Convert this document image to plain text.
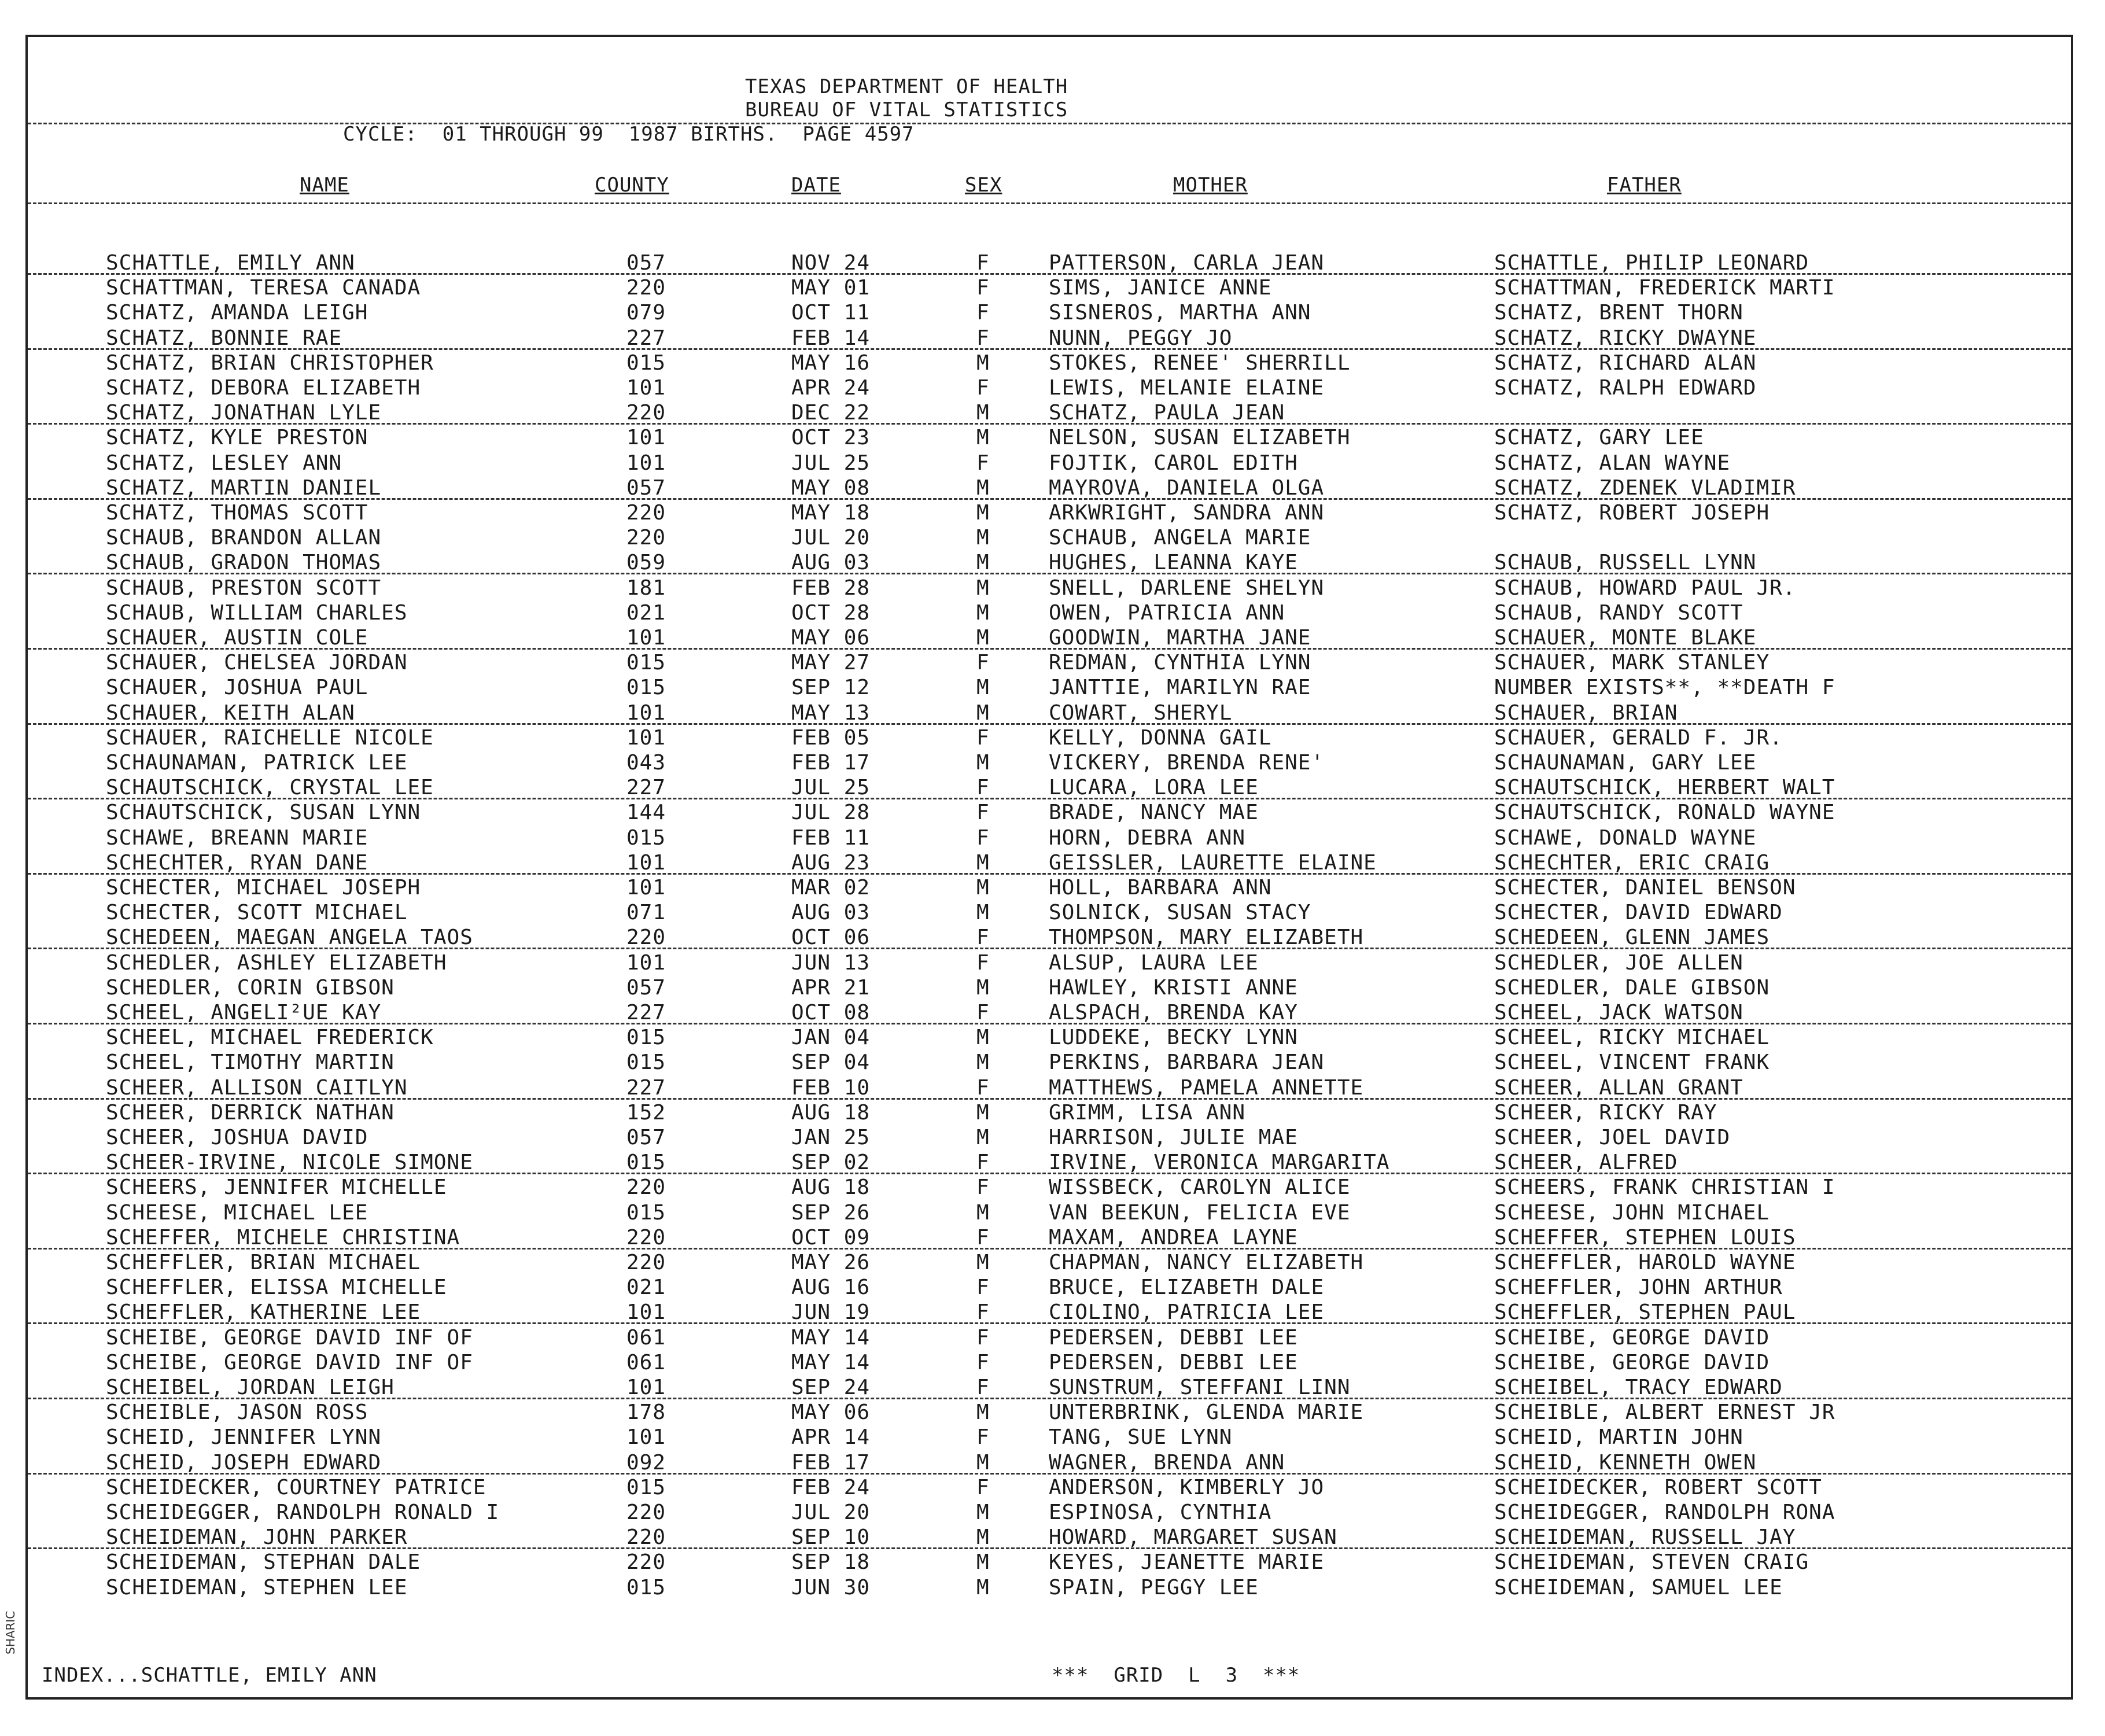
TEXAS DEPARTMENT OF HEALTH
BUREAU OF VITAL STATISTICS
CYCLE:  01 THROUGH 99  1987 BIRTHS.  PAGE 4597
NAME	COUNTY	DATE	SEX	MOTHER	FATHER
SCHATTLE, EMILY ANN	057	NOV 24	F	PATTERSON, CARLA JEAN	SCHATTLE, PHILIP LEONARD
SCHATTMAN, TERESA CANADA	220	MAY 01	F	SIMS, JANICE ANNE	SCHATTMAN, FREDERICK MARTI
SCHATZ, AMANDA LEIGH	079	OCT 11	F	SISNEROS, MARTHA ANN	SCHATZ, BRENT THORN
SCHATZ, BONNIE RAE	227	FEB 14	F	NUNN, PEGGY JO	SCHATZ, RICKY DWAYNE
SCHATZ, BRIAN CHRISTOPHER	015	MAY 16	M	STOKES, RENEE' SHERRILL	SCHATZ, RICHARD ALAN
SCHATZ, DEBORA ELIZABETH	101	APR 24	F	LEWIS, MELANIE ELAINE	SCHATZ, RALPH EDWARD
SCHATZ, JONATHAN LYLE	220	DEC 22	M	SCHATZ, PAULA JEAN
SCHATZ, KYLE PRESTON	101	OCT 23	M	NELSON, SUSAN ELIZABETH	SCHATZ, GARY LEE
SCHATZ, LESLEY ANN	101	JUL 25	F	FOJTIK, CAROL EDITH	SCHATZ, ALAN WAYNE
SCHATZ, MARTIN DANIEL	057	MAY 08	M	MAYROVA, DANIELA OLGA	SCHATZ, ZDENEK VLADIMIR
SCHATZ, THOMAS SCOTT	220	MAY 18	M	ARKWRIGHT, SANDRA ANN	SCHATZ, ROBERT JOSEPH
SCHAUB, BRANDON ALLAN	220	JUL 20	M	SCHAUB, ANGELA MARIE
SCHAUB, GRADON THOMAS	059	AUG 03	M	HUGHES, LEANNA KAYE	SCHAUB, RUSSELL LYNN
SCHAUB, PRESTON SCOTT	181	FEB 28	M	SNELL, DARLENE SHELYN	SCHAUB, HOWARD PAUL JR.
SCHAUB, WILLIAM CHARLES	021	OCT 28	M	OWEN, PATRICIA ANN	SCHAUB, RANDY SCOTT
SCHAUER, AUSTIN COLE	101	MAY 06	M	GOODWIN, MARTHA JANE	SCHAUER, MONTE BLAKE
SCHAUER, CHELSEA JORDAN	015	MAY 27	F	REDMAN, CYNTHIA LYNN	SCHAUER, MARK STANLEY
SCHAUER, JOSHUA PAUL	015	SEP 12	M	JANTTIE, MARILYN RAE	NUMBER EXISTS**, **DEATH F
SCHAUER, KEITH ALAN	101	MAY 13	M	COWART, SHERYL	SCHAUER, BRIAN
SCHAUER, RAICHELLE NICOLE	101	FEB 05	F	KELLY, DONNA GAIL	SCHAUER, GERALD F. JR.
SCHAUNAMAN, PATRICK LEE	043	FEB 17	M	VICKERY, BRENDA RENE'	SCHAUNAMAN, GARY LEE
SCHAUTSCHICK, CRYSTAL LEE	227	JUL 25	F	LUCARA, LORA LEE	SCHAUTSCHICK, HERBERT WALT
SCHAUTSCHICK, SUSAN LYNN	144	JUL 28	F	BRADE, NANCY MAE	SCHAUTSCHICK, RONALD WAYNE
SCHAWE, BREANN MARIE	015	FEB 11	F	HORN, DEBRA ANN	SCHAWE, DONALD WAYNE
SCHECHTER, RYAN DANE	101	AUG 23	M	GEISSLER, LAURETTE ELAINE	SCHECHTER, ERIC CRAIG
SCHECTER, MICHAEL JOSEPH	101	MAR 02	M	HOLL, BARBARA ANN	SCHECTER, DANIEL BENSON
SCHECTER, SCOTT MICHAEL	071	AUG 03	M	SOLNICK, SUSAN STACY	SCHECTER, DAVID EDWARD
SCHEDEEN, MAEGAN ANGELA TAOS	220	OCT 06	F	THOMPSON, MARY ELIZABETH	SCHEDEEN, GLENN JAMES
SCHEDLER, ASHLEY ELIZABETH	101	JUN 13	F	ALSUP, LAURA LEE	SCHEDLER, JOE ALLEN
SCHEDLER, CORIN GIBSON	057	APR 21	M	HAWLEY, KRISTI ANNE	SCHEDLER, DALE GIBSON
SCHEEL, ANGELI²UE KAY	227	OCT 08	F	ALSPACH, BRENDA KAY	SCHEEL, JACK WATSON
SCHEEL, MICHAEL FREDERICK	015	JAN 04	M	LUDDEKE, BECKY LYNN	SCHEEL, RICKY MICHAEL
SCHEEL, TIMOTHY MARTIN	015	SEP 04	M	PERKINS, BARBARA JEAN	SCHEEL, VINCENT FRANK
SCHEER, ALLISON CAITLYN	227	FEB 10	F	MATTHEWS, PAMELA ANNETTE	SCHEER, ALLAN GRANT
SCHEER, DERRICK NATHAN	152	AUG 18	M	GRIMM, LISA ANN	SCHEER, RICKY RAY
SCHEER, JOSHUA DAVID	057	JAN 25	M	HARRISON, JULIE MAE	SCHEER, JOEL DAVID
SCHEER-IRVINE, NICOLE SIMONE	015	SEP 02	F	IRVINE, VERONICA MARGARITA	SCHEER, ALFRED
SCHEERS, JENNIFER MICHELLE	220	AUG 18	F	WISSBECK, CAROLYN ALICE	SCHEERS, FRANK CHRISTIAN I
SCHEESE, MICHAEL LEE	015	SEP 26	M	VAN BEEKUN, FELICIA EVE	SCHEESE, JOHN MICHAEL
SCHEFFER, MICHELE CHRISTINA	220	OCT 09	F	MAXAM, ANDREA LAYNE	SCHEFFER, STEPHEN LOUIS
SCHEFFLER, BRIAN MICHAEL	220	MAY 26	M	CHAPMAN, NANCY ELIZABETH	SCHEFFLER, HAROLD WAYNE
SCHEFFLER, ELISSA MICHELLE	021	AUG 16	F	BRUCE, ELIZABETH DALE	SCHEFFLER, JOHN ARTHUR
SCHEFFLER, KATHERINE LEE	101	JUN 19	F	CIOLINO, PATRICIA LEE	SCHEFFLER, STEPHEN PAUL
SCHEIBE, GEORGE DAVID INF OF	061	MAY 14	F	PEDERSEN, DEBBI LEE	SCHEIBE, GEORGE DAVID
SCHEIBE, GEORGE DAVID INF OF	061	MAY 14	F	PEDERSEN, DEBBI LEE	SCHEIBE, GEORGE DAVID
SCHEIBEL, JORDAN LEIGH	101	SEP 24	F	SUNSTRUM, STEFFANI LINN	SCHEIBEL, TRACY EDWARD
SCHEIBLE, JASON ROSS	178	MAY 06	M	UNTERBRINK, GLENDA MARIE	SCHEIBLE, ALBERT ERNEST JR
SCHEID, JENNIFER LYNN	101	APR 14	F	TANG, SUE LYNN	SCHEID, MARTIN JOHN
SCHEID, JOSEPH EDWARD	092	FEB 17	M	WAGNER, BRENDA ANN	SCHEID, KENNETH OWEN
SCHEIDECKER, COURTNEY PATRICE	015	FEB 24	F	ANDERSON, KIMBERLY JO	SCHEIDECKER, ROBERT SCOTT
SCHEIDEGGER, RANDOLPH RONALD I	220	JUL 20	M	ESPINOSA, CYNTHIA	SCHEIDEGGER, RANDOLPH RONA
SCHEIDEMAN, JOHN PARKER	220	SEP 10	M	HOWARD, MARGARET SUSAN	SCHEIDEMAN, RUSSELL JAY
SCHEIDEMAN, STEPHAN DALE	220	SEP 18	M	KEYES, JEANETTE MARIE	SCHEIDEMAN, STEVEN CRAIG
SCHEIDEMAN, STEPHEN LEE	015	JUN 30	M	SPAIN, PEGGY LEE	SCHEIDEMAN, SAMUEL LEE
INDEX...SCHATTLE, EMILY ANN	***  GRID  L  3  ***
SHARIC
